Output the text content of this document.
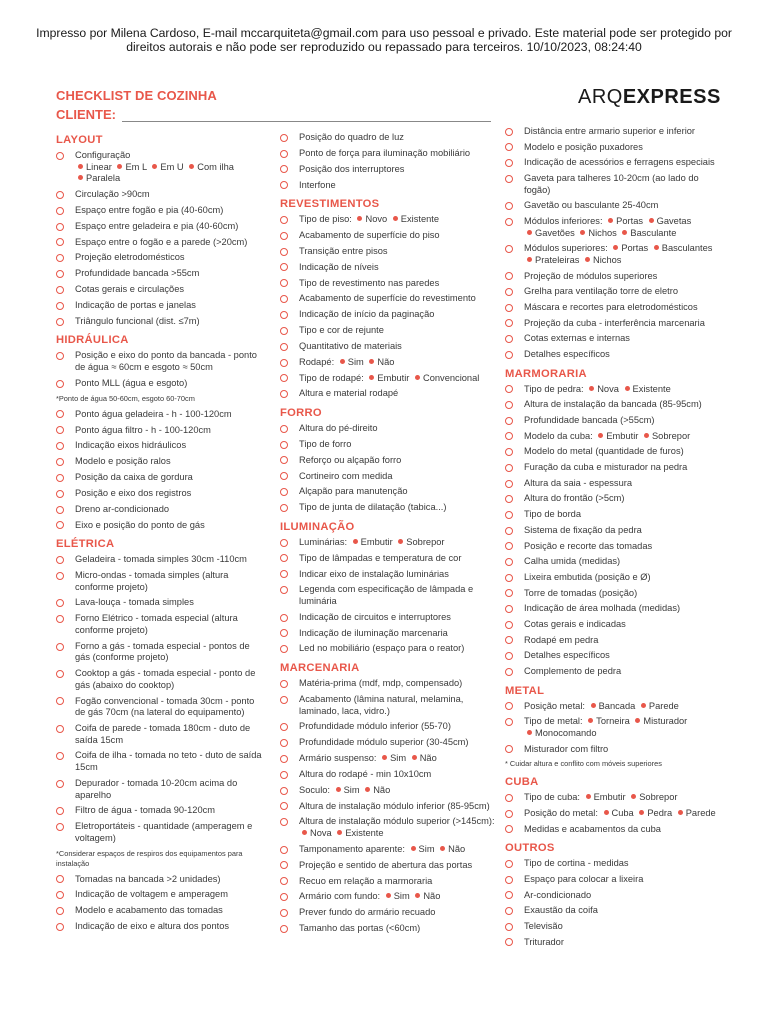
Impresso por Milena Cardoso, E-mail mccarquiteta@gmail.com para uso pessoal e privado. Este material pode ser protegido por direitos autorais e não pode ser reproduzido ou repassado para terceiros. 10/10/2023, 08:24:40
CHECKLIST DE COZINHA
CLIENTE:
ARQEXPRESS
LAYOUT
Configuração
Linear Em L Em U Com ilha Paralela
Circulação >90cm
Espaço entre fogão e pia (40-60cm)
Espaço entre geladeira e pia (40-60cm)
Espaço entre o fogão e a parede (>20cm)
Projeção eletrodomésticos
Profundidade bancada >55cm
Cotas gerais e circulações
Indicação de portas e janelas
Triângulo funcional (dist. ≤7m)
HIDRÁULICA
Posição e eixo do ponto da bancada - ponto de água ≈ 60cm e esgoto ≈ 50cm
Ponto MLL (água e esgoto)
*Ponto de água 50-60cm, esgoto 60-70cm
Ponto água geladeira - h - 100-120cm
Ponto água filtro - h - 100-120cm
Indicação eixos hidráulicos
Modelo e posição ralos
Posição da caixa de gordura
Posição e eixo dos registros
Dreno ar-condicionado
Eixo e posição do ponto de gás
ELÉTRICA
Geladeira - tomada simples 30cm -110cm
Micro-ondas - tomada simples (altura conforme projeto)
Lava-louça - tomada simples
Forno Elétrico - tomada especial (altura conforme projeto)
Forno a gás - tomada especial - pontos de gás (conforme projeto)
Cooktop a gás - tomada especial - ponto de gás (abaixo do cooktop)
Fogão convencional - tomada 30cm - ponto de gás 70cm (na lateral do equipamento)
Coifa de parede - tomada 180cm - duto de saída 15cm
Coifa de ilha - tomada no teto - duto de saída 15cm
Depurador - tomada 10-20cm acima do aparelho
Filtro de água - tomada 90-120cm
Eletroportáteis - quantidade (amperagem e voltagem)
*Considerar espaços de respiros dos equipamentos para instalação
Tomadas na bancada >2 unidades)
Indicação de voltagem e amperagem
Modelo e acabamento das tomadas
Indicação de eixo e altura dos pontos
Posição do quadro de luz
Ponto de força para iluminação mobiliário
Posição dos interruptores
Interfone
REVESTIMENTOS
Tipo de piso: Novo Existente
Acabamento de superfície do piso
Transição entre pisos
Indicação de níveis
Tipo de revestimento nas paredes
Acabamento de superfície do revestimento
Indicação de início da paginação
Tipo e cor de rejunte
Quantitativo de materiais
Rodapé: Sim Não
Tipo de rodapé: Embutir Convencional
Altura e material rodapé
FORRO
Altura do pé-direito
Tipo de forro
Reforço ou alçapão forro
Cortineiro com medida
Alçapão para manutenção
Tipo de junta de dilatação (tabica...)
ILUMINAÇÃO
Luminárias: Embutir Sobrepor
Tipo de lâmpadas e temperatura de cor
Indicar eixo de instalação luminárias
Legenda com especificação de lâmpada e luminária
Indicação de circuitos e interruptores
Indicação de iluminação marcenaria
Led no mobiliário (espaço para o reator)
MARCENARIA
Matéria-prima (mdf, mdp, compensado)
Acabamento (lâmina natural, melamina, laminado, laca, vidro.)
Profundidade módulo inferior (55-70)
Profundidade módulo superior (30-45cm)
Armário suspenso: Sim Não
Altura do rodapé - min 10x10cm
Soculo: Sim Não
Altura de instalação módulo inferior (85-95cm)
Altura de instalação módulo superior (>145cm): Nova Existente
Tamponamento aparente: Sim Não
Projeção e sentido de abertura das portas
Recuo em relação a marmoraria
Armário com fundo: Sim Não
Prever fundo do armário recuado
Tamanho das portas (<60cm)
Distância entre armario superior e inferior
Modelo e posição puxadores
Indicação de acessórios e ferragens especiais
Gaveta para talheres 10-20cm (ao lado do fogão)
Gavetão ou basculante 25-40cm
Módulos inferiores: Portas Gavetas Gavetões Nichos Basculante
Módulos superiores: Portas Basculantes Prateleiras Nichos
Projeção de módulos superiores
Grelha para ventilação torre de eletro
Máscara e recortes para eletrodomésticos
Projeção da cuba - interferência marcenaria
Cotas externas e internas
Detalhes específicos
MARMORARIA
Tipo de pedra: Nova Existente
Altura de instalação da bancada (85-95cm)
Profundidade bancada (>55cm)
Modelo da cuba: Embutir Sobrepor
Modelo do metal (quantidade de furos)
Furação da cuba e misturador na pedra
Altura da saia - espessura
Altura do frontão (>5cm)
Tipo de borda
Sistema de fixação da pedra
Posição e recorte das tomadas
Calha umida (medidas)
Lixeira embutida (posição e Ø)
Torre de tomadas (posição)
Indicação de área molhada (medidas)
Cotas gerais e indicadas
Rodapé em pedra
Detalhes específicos
Complemento de pedra
METAL
Posição metal: Bancada Parede
Tipo de metal: Torneira Misturador Monocomando
Misturador com filtro
* Cuidar altura e conflito com móveis superiores
CUBA
Tipo de cuba: Embutir Sobrepor
Posição do metal: Cuba Pedra Parede
Medidas e acabamentos da cuba
OUTROS
Tipo de cortina - medidas
Espaço para colocar a lixeira
Ar-condicionado
Exaustão da coifa
Televisão
Triturador
